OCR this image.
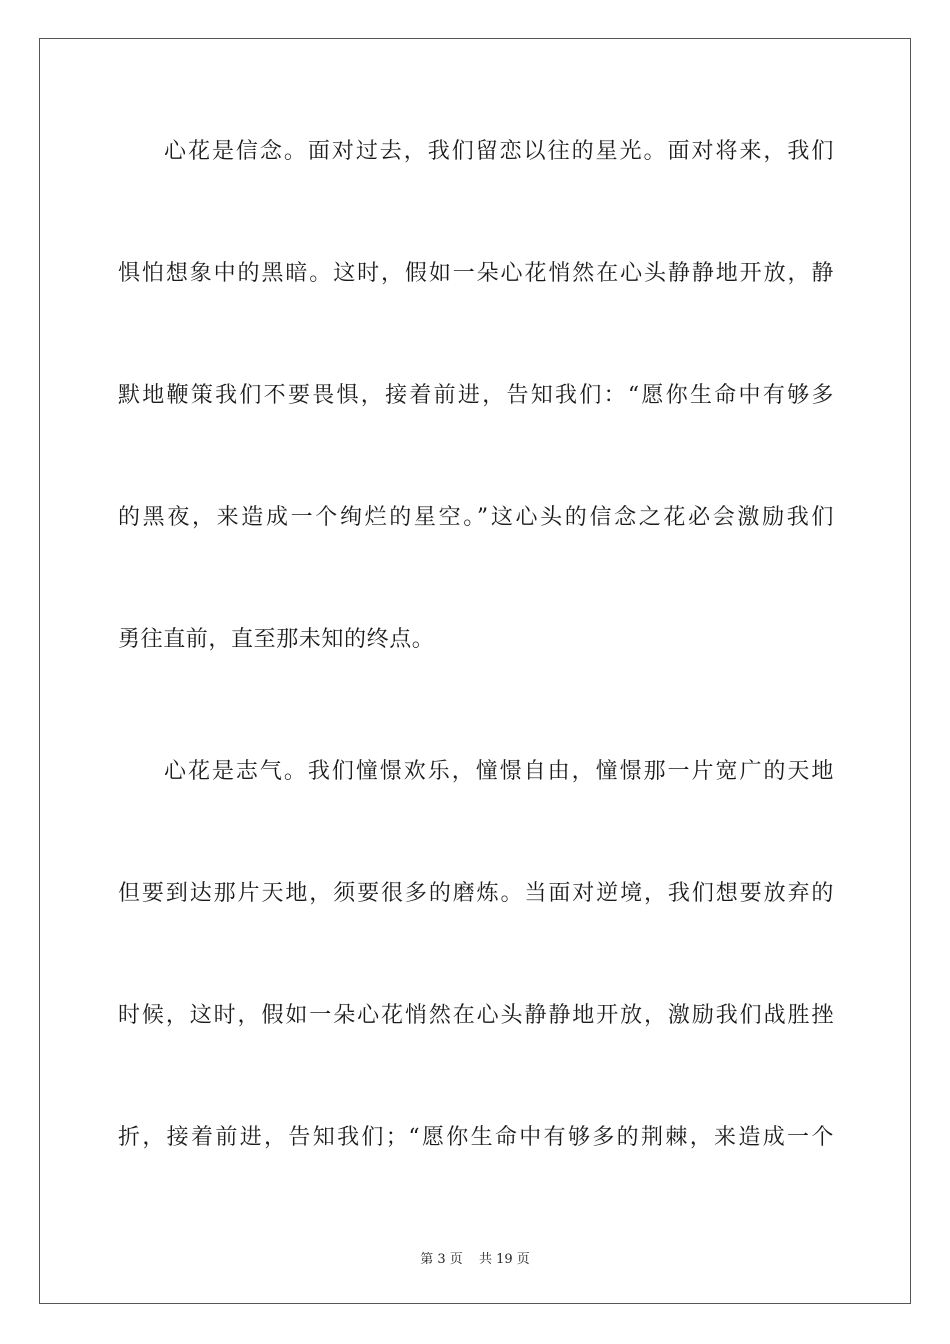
心花是信念。面对过去，我们留恋以往的星光。面对将来，我们
惧怕想象中的黑暗。这时，假如一朵心花悄然在心头静静地开放，静
默地鞭策我们不要畏惧，接着前进，告知我们：“愿你生命中有够多
的黑夜，来造成一个绚烂的星空。”这心头的信念之花必会激励我们
勇往直前，直至那未知的终点。
心花是志气。我们憧憬欢乐，憧憬自由，憧憬那一片宽广的天地
但要到达那片天地，须要很多的磨炼。当面对逆境，我们想要放弃的
时候，这时，假如一朵心花悄然在心头静静地开放，激励我们战胜挫
折，接着前进，告知我们；“愿你生命中有够多的荆棘，来造成一个
第 3 页 共 19 页
